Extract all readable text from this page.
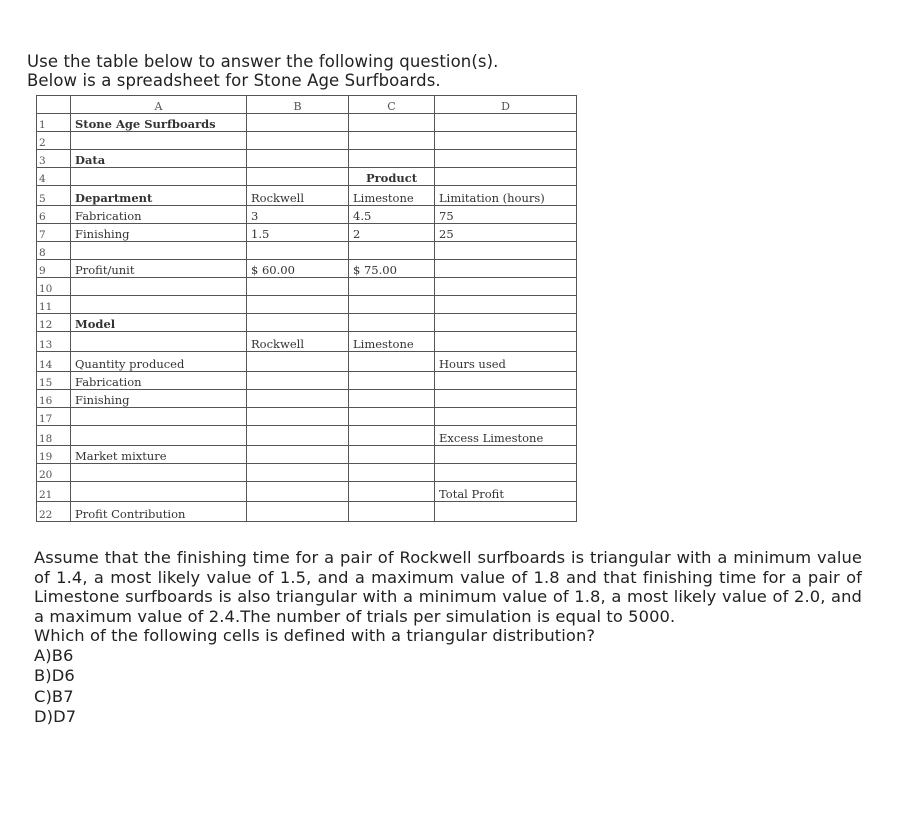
Use the table below to answer the following question(s).
Below is a spreadsheet for Stone Age Surfboards.
	A	B	C	D
1	Stone Age Surfboards			
2				
3	Data			
4			Product	
5	Department	Rockwell	Limestone	Limitation (hours)
6	Fabrication	3	4.5	75
7	Finishing	1.5	2	25
8				
9	Profit/unit	$ 60.00	$ 75.00	
10				
11				
12	Model			
13		Rockwell	Limestone	
14	Quantity produced			Hours used
15	Fabrication			
16	Finishing			
17				
18				Excess Limestone
19	Market mixture			
20				
21				Total Profit
22	Profit Contribution			

Assume that the finishing time for a pair of Rockwell surfboards is triangular with a minimum value of 1.4, a most likely value of 1.5, and a maximum value of 1.8 and that finishing time for a pair of Limestone surfboards is also triangular with a minimum value of 1.8, a most likely value of 2.0, and a maximum value of 2.4.The number of trials per simulation is equal to 5000.

Which of the following cells is defined with a triangular distribution?

A)B6
B)D6
C)B7
D)D7
